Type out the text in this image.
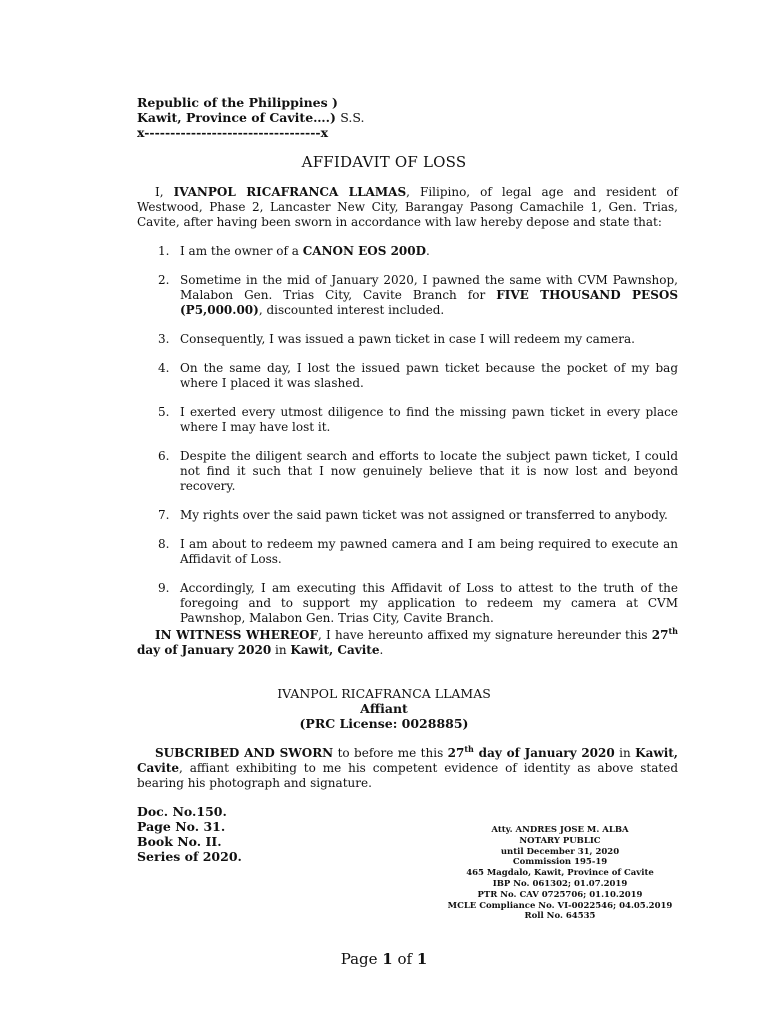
Republic of the Philippines )
Kawit, Province of Cavite….) S.S.
x----------------------------------x
AFFIDAVIT OF LOSS
I, IVANPOL RICAFRANCA LLAMAS, Filipino, of legal age and resident of Westwood, Phase 2, Lancaster New City, Barangay Pasong Camachile 1, Gen. Trias, Cavite, after having been sworn in accordance with law hereby depose and state that:
1. I am the owner of a CANON EOS 200D.
2. Sometime in the mid of January 2020, I pawned the same with CVM Pawnshop, Malabon Gen. Trias City, Cavite Branch for FIVE THOUSAND PESOS (P5,000.00), discounted interest included.
3. Consequently, I was issued a pawn ticket in case I will redeem my camera.
4. On the same day, I lost the issued pawn ticket because the pocket of my bag where I placed it was slashed.
5. I exerted every utmost diligence to find the missing pawn ticket in every place where I may have lost it.
6. Despite the diligent search and efforts to locate the subject pawn ticket, I could not find it such that I now genuinely believe that it is now lost and beyond recovery.
7. My rights over the said pawn ticket was not assigned or transferred to anybody.
8. I am about to redeem my pawned camera and I am being required to execute an Affidavit of Loss.
9. Accordingly, I am executing this Affidavit of Loss to attest to the truth of the foregoing and to support my application to redeem my camera at CVM Pawnshop, Malabon Gen. Trias City, Cavite Branch.
IN WITNESS WHEREOF, I have hereunto affixed my signature hereunder this 27th day of January 2020 in Kawit, Cavite.
IVANPOL RICAFRANCA LLAMAS
Affiant
(PRC License: 0028885)
SUBCRIBED AND SWORN to before me this 27th day of January 2020 in Kawit, Cavite, affiant exhibiting to me his competent evidence of identity as above stated bearing his photograph and signature.
Doc. No.150.
Page No. 31.
Book No. II.
Series of 2020.
Atty. ANDRES JOSE M. ALBA
NOTARY PUBLIC
until December 31, 2020
Commission 195-19
465 Magdalo, Kawit, Province of Cavite
IBP No. 061302; 01.07.2019
PTR No. CAV 0725706; 01.10.2019
MCLE Compliance No. VI-0022546; 04.05.2019
Roll No. 64535
Page 1 of 1
